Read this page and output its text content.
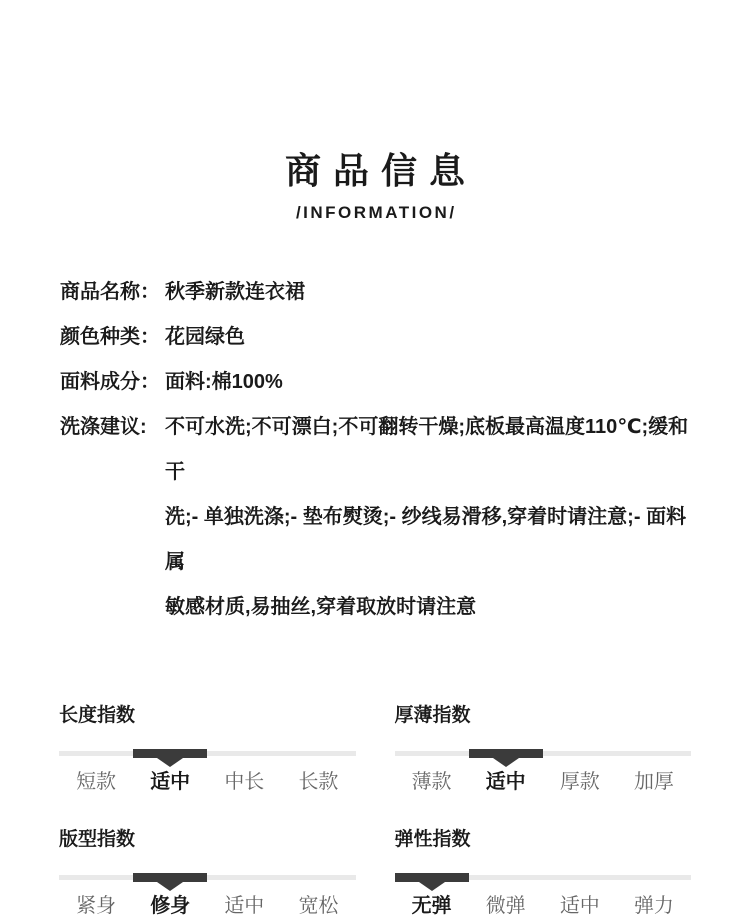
商品信息
/INFORMATION/
商品名称： 秋季新款连衣裙
颜色种类： 花园绿色
面料成分： 面料:棉100%
洗涤建议: 不可水洗;不可漂白;不可翻转干燥;底板最高温度110℃;缓和干
洗;- 单独洗涤;- 垫布熨烫;- 纱线易滑移,穿着时请注意;- 面料属
敏感材质,易抽丝,穿着取放时请注意
长度指数
短款	适中	中长	长款
厚薄指数
薄款	适中	厚款	加厚
版型指数
紧身	修身	适中	宽松
弹性指数
无弹	微弹	适中	弹力
